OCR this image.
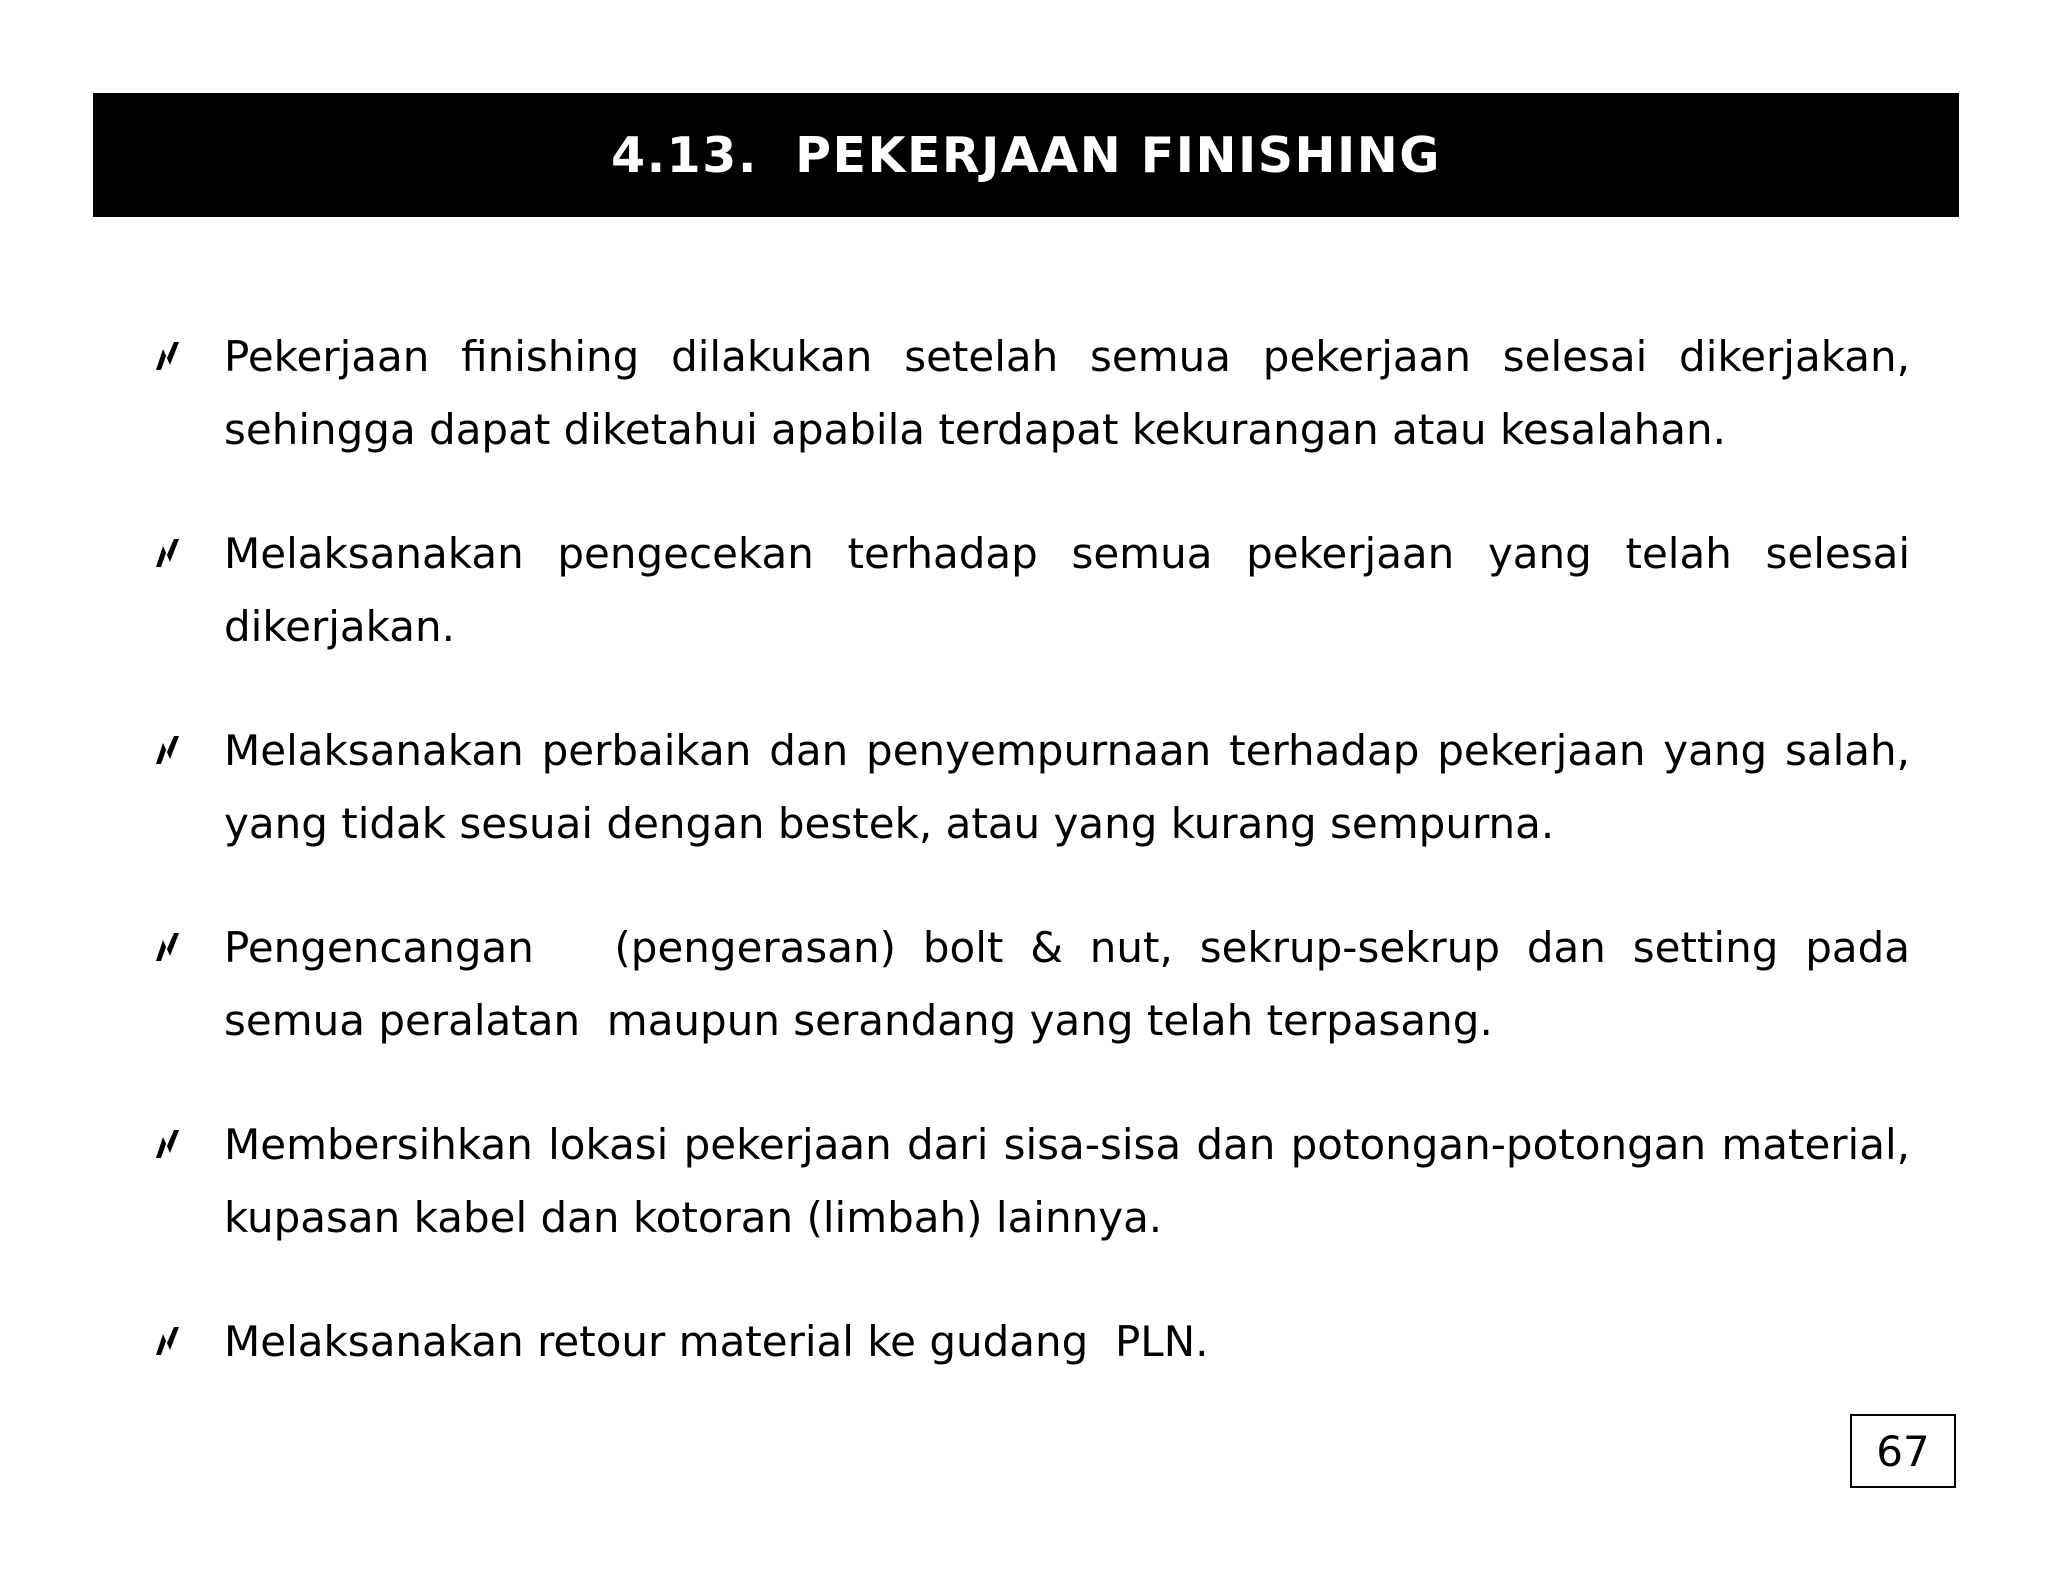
4.13.  PEKERJAAN FINISHING
Pekerjaan finishing dilakukan setelah semua pekerjaan selesai dikerjakan, sehingga dapat diketahui apabila terdapat kekurangan atau kesalahan.
Melaksanakan pengecekan terhadap semua pekerjaan yang telah selesai dikerjakan.
Melaksanakan perbaikan dan penyempurnaan terhadap pekerjaan yang salah, yang tidak sesuai dengan bestek, atau yang kurang sempurna.
Pengencangan   (pengerasan) bolt & nut, sekrup-sekrup dan setting pada semua peralatan  maupun serandang yang telah terpasang.
Membersihkan lokasi pekerjaan dari sisa-sisa dan potongan-potongan material, kupasan kabel dan kotoran (limbah) lainnya.
Melaksanakan retour material ke gudang  PLN.
67
